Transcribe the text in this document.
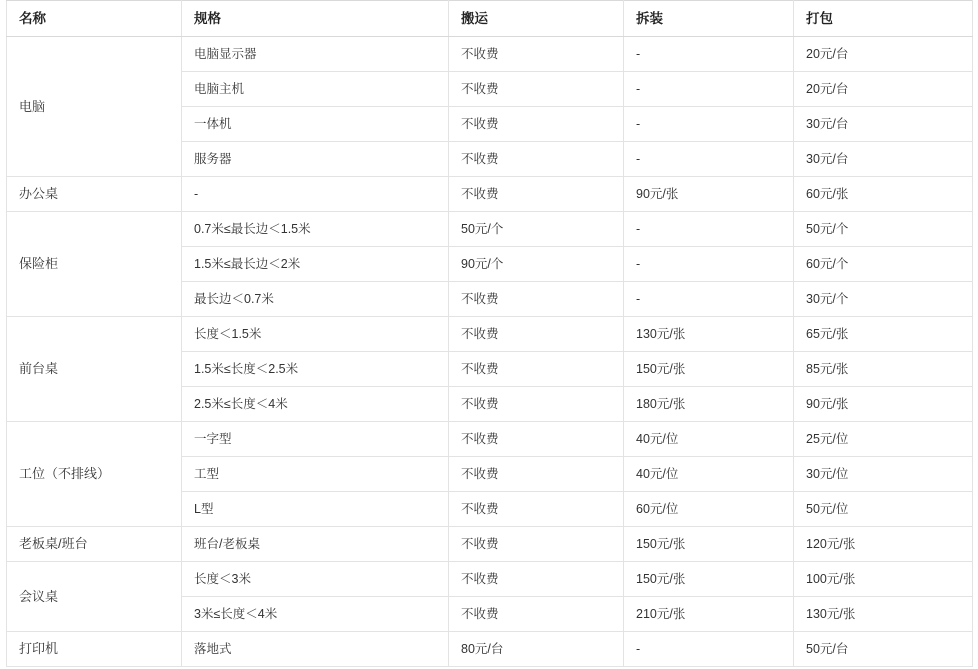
名称	规格	搬运	拆装	打包
电脑	电脑显示器	不收费	-	20元/台
	电脑主机	不收费	-	20元/台
	一体机	不收费	-	30元/台
	服务器	不收费	-	30元/台
办公桌	-	不收费	90元/张	60元/张
保险柜	0.7米≤最长边＜1.5米	50元/个	-	50元/个
	1.5米≤最长边＜2米	90元/个	-	60元/个
	最长边＜0.7米	不收费	-	30元/个
前台桌	长度＜1.5米	不收费	130元/张	65元/张
	1.5米≤长度＜2.5米	不收费	150元/张	85元/张
	2.5米≤长度＜4米	不收费	180元/张	90元/张
工位（不排线）	一字型	不收费	40元/位	25元/位
	工型	不收费	40元/位	30元/位
	L型	不收费	60元/位	50元/位
老板桌/班台	班台/老板桌	不收费	150元/张	120元/张
会议桌	长度＜3米	不收费	150元/张	100元/张
	3米≤长度＜4米	不收费	210元/张	130元/张
打印机	落地式	80元/台	-	50元/台
